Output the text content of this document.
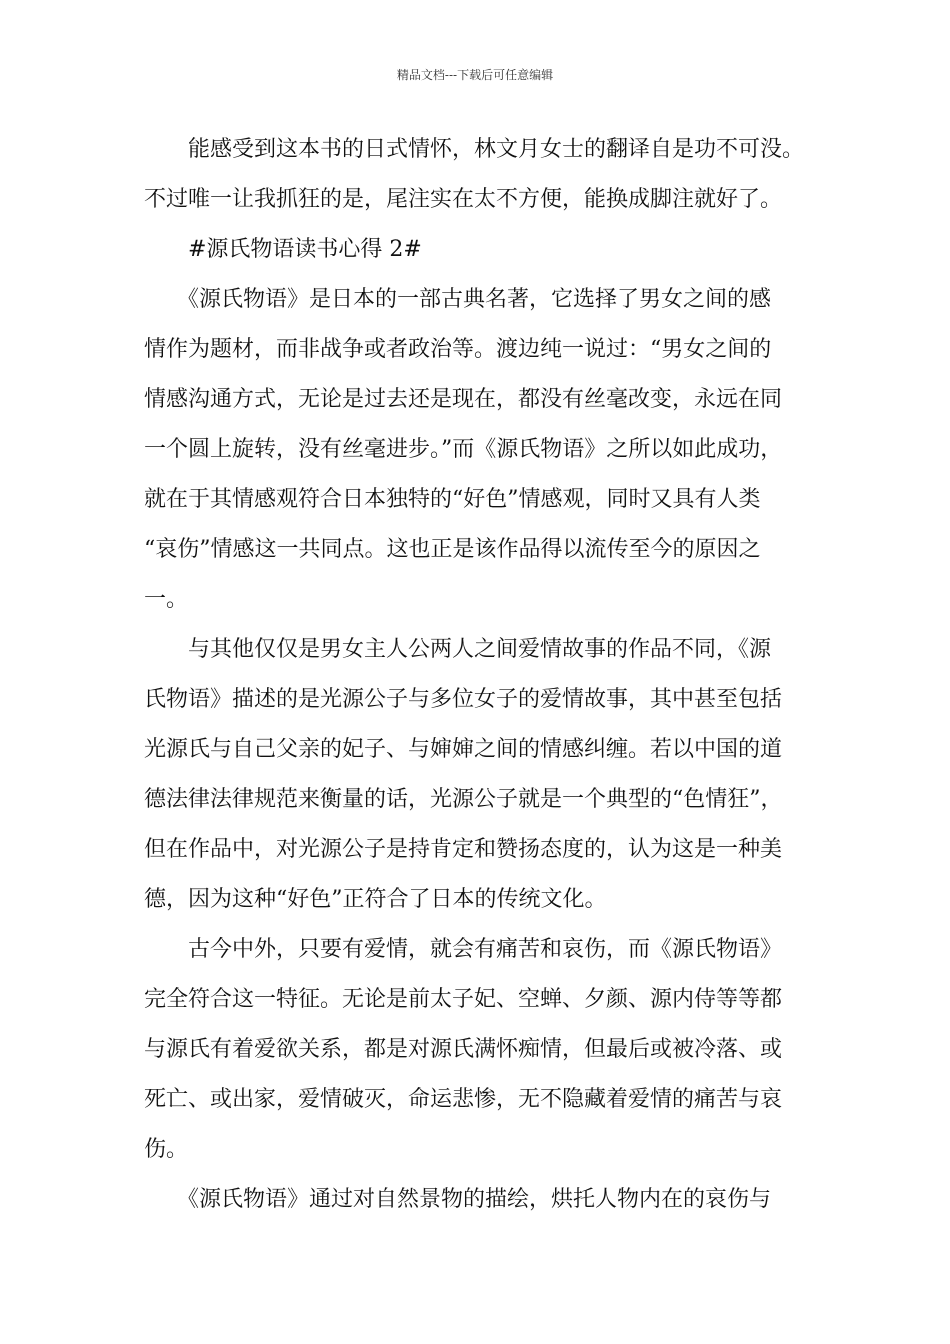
精品文档---下载后可任意编辑
　　能感受到这本书的日式情怀，林文月女士的翻译自是功不可没。
不过唯一让我抓狂的是，尾注实在太不方便，能换成脚注就好了。
　　#源氏物语读书心得 2#
　　《源氏物语》是日本的一部古典名著，它选择了男女之间的感
情作为题材，而非战争或者政治等。渡边纯一说过：“男女之间的
情感沟通方式，无论是过去还是现在，都没有丝毫改变，永远在同
一个圆上旋转，没有丝毫进步。”而《源氏物语》之所以如此成功，
就在于其情感观符合日本独特的“好色”情感观，同时又具有人类
“哀伤”情感这一共同点。这也正是该作品得以流传至今的原因之
一。
　　与其他仅仅是男女主人公两人之间爱情故事的作品不同，《源
氏物语》描述的是光源公子与多位女子的爱情故事，其中甚至包括
光源氏与自己父亲的妃子、与婶婶之间的情感纠缠。若以中国的道
德法律法律规范来衡量的话，光源公子就是一个典型的“色情狂”，
但在作品中，对光源公子是持肯定和赞扬态度的，认为这是一种美
德，因为这种“好色”正符合了日本的传统文化。
　　古今中外，只要有爱情，就会有痛苦和哀伤，而《源氏物语》
完全符合这一特征。无论是前太子妃、空蝉、夕颜、源内侍等等都
与源氏有着爱欲关系，都是对源氏满怀痴情，但最后或被冷落、或
死亡、或出家，爱情破灭，命运悲惨，无不隐藏着爱情的痛苦与哀
伤。
　　《源氏物语》通过对自然景物的描绘，烘托人物内在的哀伤与
